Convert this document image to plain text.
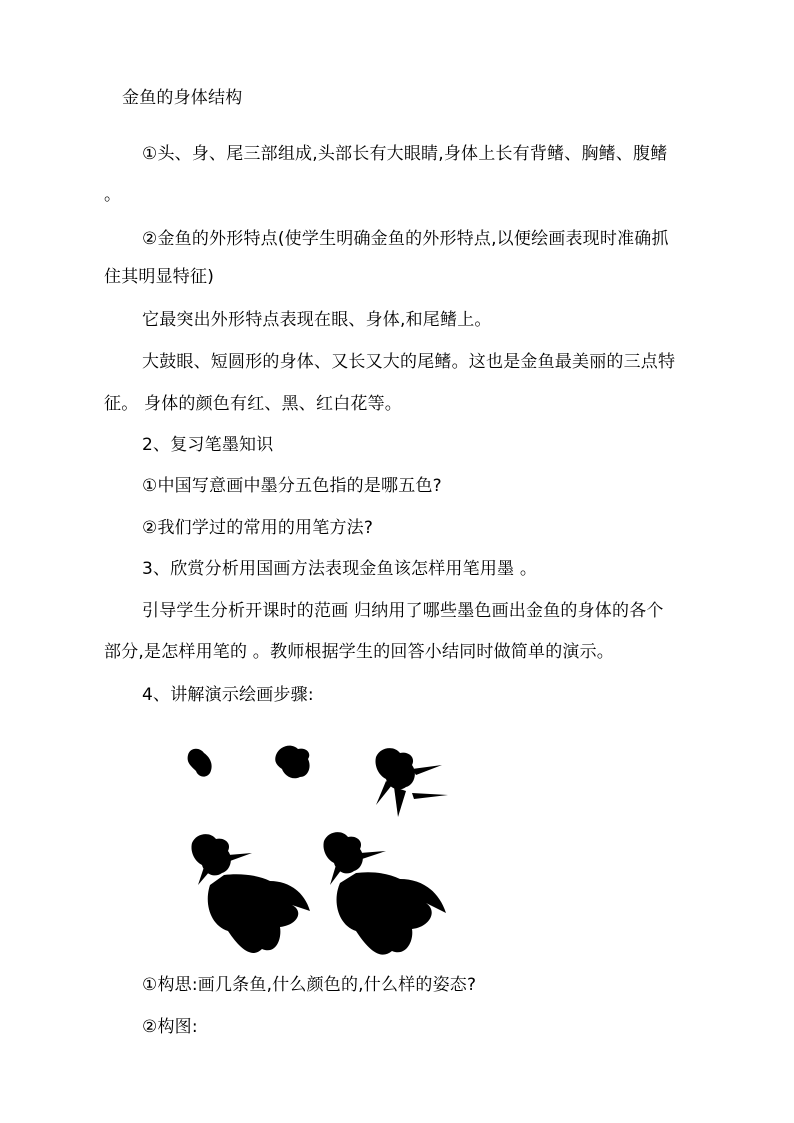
金鱼的身体结构
①头、身、尾三部组成,头部长有大眼睛,身体上长有背鳍、胸鳍、腹鳍
。
②金鱼的外形特点(使学生明确金鱼的外形特点,以便绘画表现时准确抓
住其明显特征)
它最突出外形特点表现在眼、身体,和尾鳍上。
大鼓眼、短圆形的身体、又长又大的尾鳍。这也是金鱼最美丽的三点特
征。 身体的颜色有红、黑、红白花等。
2、复习笔墨知识
①中国写意画中墨分五色指的是哪五色?
②我们学过的常用的用笔方法?
3、欣赏分析用国画方法表现金鱼该怎样用笔用墨 。
引导学生分析开课时的范画 归纳用了哪些墨色画出金鱼的身体的各个
部分,是怎样用笔的 。教师根据学生的回答小结同时做简单的演示。
4、讲解演示绘画步骤:
①构思:画几条鱼,什么颜色的,什么样的姿态?
②构图:
